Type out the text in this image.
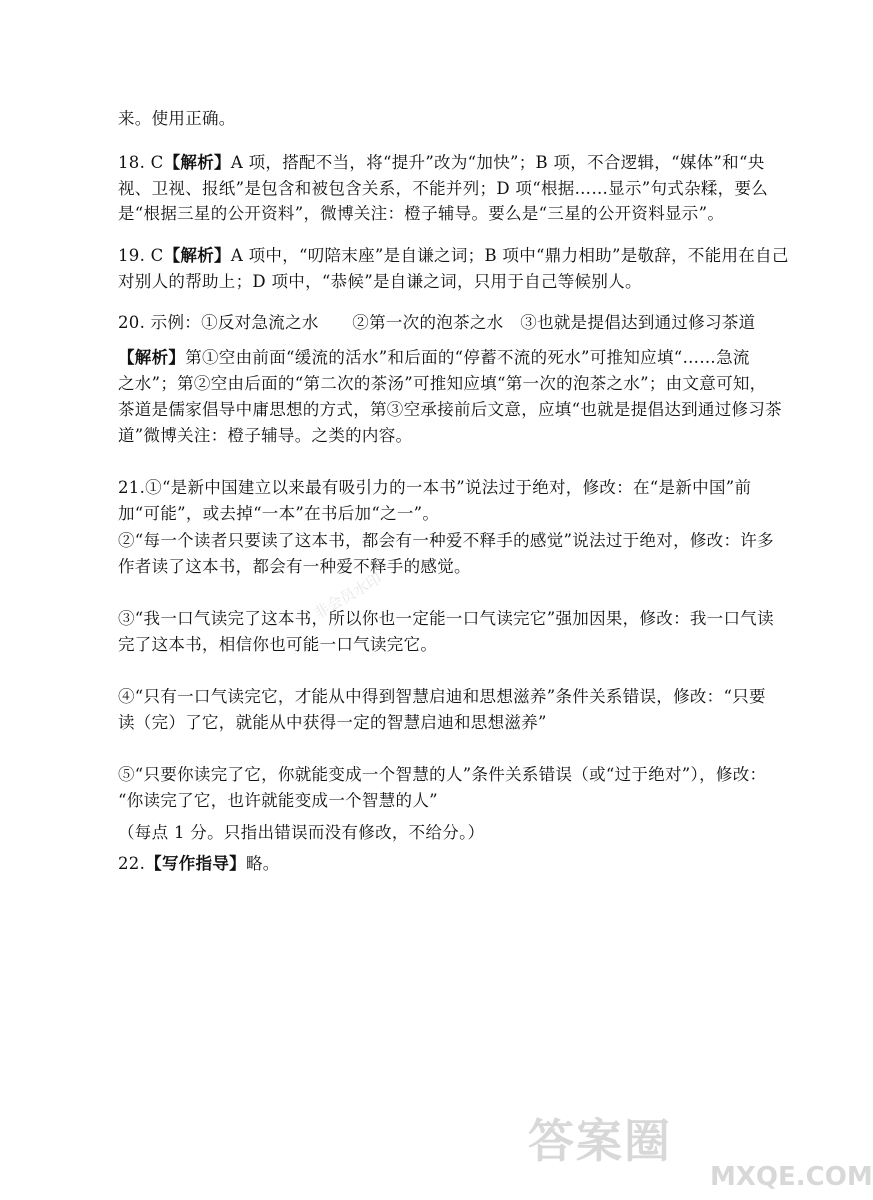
来。使用正确。
18. C【解析】A 项，搭配不当，将“提升”改为“加快”；B 项，不合逻辑，“媒体”和“央
视、卫视、报纸”是包含和被包含关系，不能并列；D 项“根据……显示”句式杂糅，要么
是“根据三星的公开资料”，微博关注：橙子辅导。要么是“三星的公开资料显示”。
19. C【解析】A 项中，“叨陪末座”是自谦之词；B 项中“鼎力相助”是敬辞，不能用在自己
对别人的帮助上；D 项中，“恭候”是自谦之词，只用于自己等候别人。
20. 示例：①反对急流之水　　②第一次的泡茶之水　③也就是提倡达到通过修习茶道
【解析】第①空由前面“缓流的活水”和后面的“停蓄不流的死水”可推知应填“……急流
之水”；第②空由后面的“第二次的茶汤”可推知应填“第一次的泡茶之水”；由文意可知，
茶道是儒家倡导中庸思想的方式，第③空承接前后文意，应填“也就是提倡达到通过修习茶
道”微博关注：橙子辅导。之类的内容。
21.①“是新中国建立以来最有吸引力的一本书”说法过于绝对，修改：在“是新中国”前
加“可能”，或去掉“一本”在书后加“之一”。
②“每一个读者只要读了这本书，都会有一种爱不释手的感觉”说法过于绝对，修改：许多
作者读了这本书，都会有一种爱不释手的感觉。
③“我一口气读完了这本书，所以你也一定能一口气读完它”强加因果，修改：我一口气读
完了这本书，相信你也可能一口气读完它。
④“只有一口气读完它，才能从中得到智慧启迪和思想滋养”条件关系错误，修改：“只要
读（完）了它，就能从中获得一定的智慧启迪和思想滋养”
⑤“只要你读完了它，你就能变成一个智慧的人”条件关系错误（或“过于绝对”），修改：
“你读完了它，也许就能变成一个智慧的人”
（每点 1 分。只指出错误而没有修改，不给分。）
22.【写作指导】略。
非会员水印
答案圈
MXQE.COM
